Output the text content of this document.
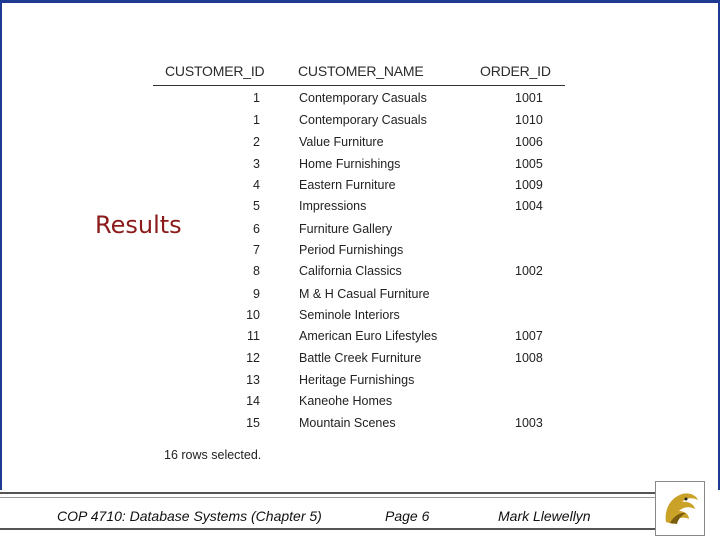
Results
CUSTOMER_ID CUSTOMER_NAME	ORDER_ID
1	Contemporary Casuals	1001
1	Contemporary Casuals	1010
2	Value Furniture	1006
3	Home Furnishings	1005
4	Eastern Furniture	1009
5	Impressions	1004
6	Furniture Gallery
7	Period Furnishings
8	California Classics	1002
9	M & H Casual Furniture
10	Seminole Interiors
11	American Euro Lifestyles	1007
12	Battle Creek Furniture	1008
13	Heritage Furnishings
14	Kaneohe Homes
15	Mountain Scenes	1003
16 rows selected.
COP 4710: Database Systems (Chapter 5)	Page 6	Mark Llewellyn
